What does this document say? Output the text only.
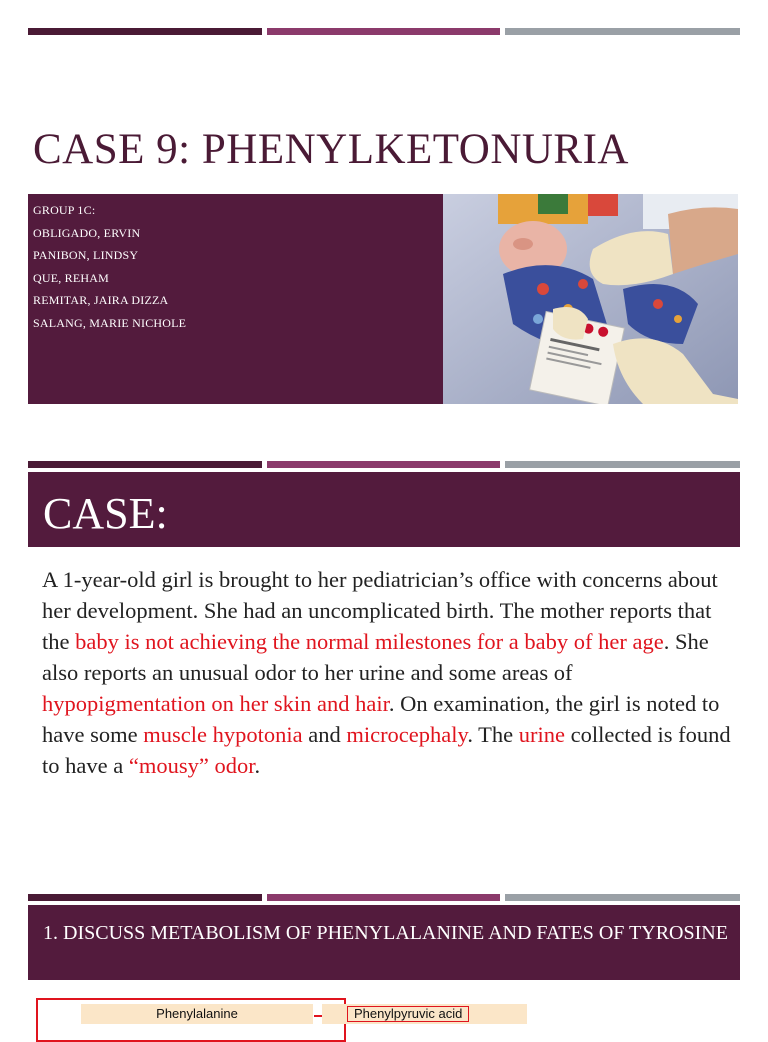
CASE 9: PHENYLKETONURIA
GROUP 1C:
OBLIGADO, ERVIN
PANIBON, LINDSY
QUE, REHAM
REMITAR, JAIRA DIZZA
SALANG, MARIE NICHOLE
CASE:

A 1-year-old girl is brought to her pediatrician’s office with concerns about her development. She had an uncomplicated birth. The mother reports that the baby is not achieving the normal milestones for a baby of her age. She also reports an unusual odor to her urine and some areas of hypopigmentation on her skin and hair. On examination, the girl is noted to have some muscle hypotonia and microcephaly. The urine collected is found to have a “mousy” odor.

1. DISCUSS METABOLISM OF PHENYLALANINE AND FATES OF TYROSINE

Phenylalanine	Phenylpyruvic acid
